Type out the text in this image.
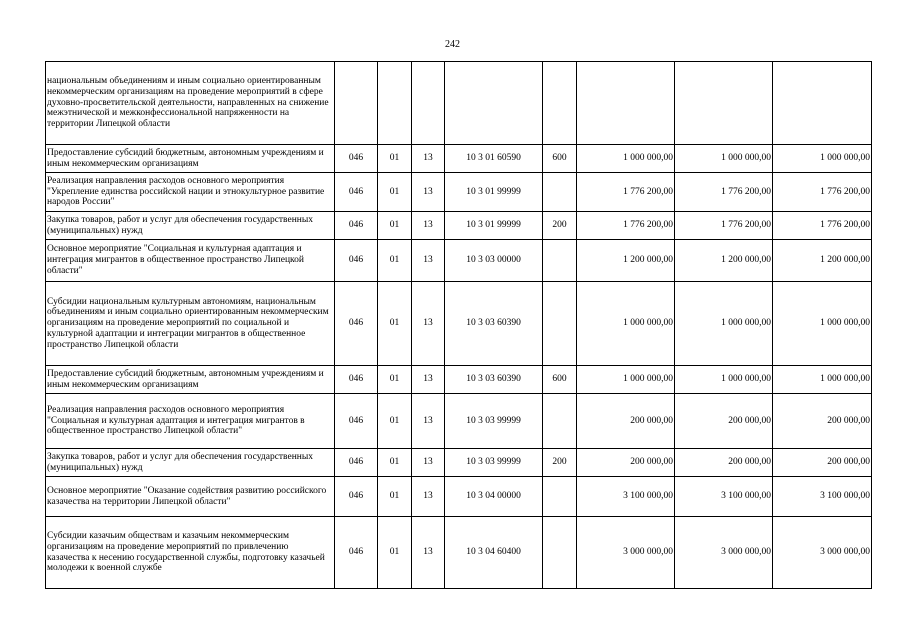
242
национальным объединениям и иным социально ориентированным некоммерческим организациям на проведение мероприятий в сфере духовно-просветительской деятельности, направленных на снижение межэтнической и межконфессиональной напряженности на территории Липецкой области								
Предоставление субсидий бюджетным, автономным учреждениям и иным некоммерческим организациям	046	01	13	10 3 01 60590	600	1 000 000,00	1 000 000,00	1 000 000,00
Реализация направления расходов основного мероприятия "Укрепление единства российской нации и этнокультурное развитие народов России"	046	01	13	10 3 01 99999		1 776 200,00	1 776 200,00	1 776 200,00
Закупка товаров, работ и услуг для обеспечения государственных (муниципальных) нужд	046	01	13	10 3 01 99999	200	1 776 200,00	1 776 200,00	1 776 200,00
Основное мероприятие "Социальная и культурная адаптация и интеграция мигрантов в общественное пространство Липецкой области"	046	01	13	10 3 03 00000		1 200 000,00	1 200 000,00	1 200 000,00
Субсидии национальным культурным автономиям, национальным объединениям и иным социально ориентированным некоммерческим организациям на проведение мероприятий по социальной и культурной адаптации и интеграции мигрантов в общественное пространство Липецкой области	046	01	13	10 3 03 60390		1 000 000,00	1 000 000,00	1 000 000,00
Предоставление субсидий бюджетным, автономным учреждениям и иным некоммерческим организациям	046	01	13	10 3 03 60390	600	1 000 000,00	1 000 000,00	1 000 000,00
Реализация направления расходов основного мероприятия "Социальная и культурная адаптация и интеграция мигрантов в общественное пространство Липецкой области"	046	01	13	10 3 03 99999		200 000,00	200 000,00	200 000,00
Закупка товаров, работ и услуг для обеспечения государственных (муниципальных) нужд	046	01	13	10 3 03 99999	200	200 000,00	200 000,00	200 000,00
Основное мероприятие "Оказание содействия развитию российского казачества на территории Липецкой области"	046	01	13	10 3 04 00000		3 100 000,00	3 100 000,00	3 100 000,00
Субсидии казачьим обществам и казачьим некоммерческим организациям на проведение мероприятий по привлечению казачества к несению государственной службы, подготовку казачьей молодежи к военной службе	046	01	13	10 3 04 60400		3 000 000,00	3 000 000,00	3 000 000,00
